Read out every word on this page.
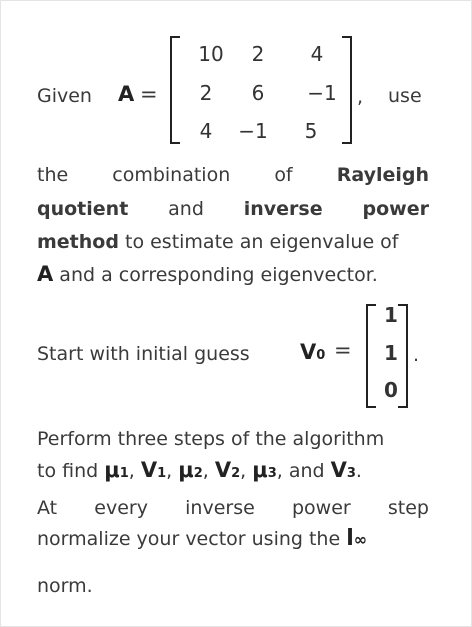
Given A =
10	2	4
2	6	−1
4	−1	5
, use
the combination of Rayleigh
quotient and inverse power
method to estimate an eigenvalue of
A and a corresponding eigenvector.
Start with initial guess V0 =
1
1
0
.
Perform three steps of the algorithm
to find μ1, V1, μ2, V2, μ3, and V3.
At every inverse power step
normalize your vector using the l∞
norm.
